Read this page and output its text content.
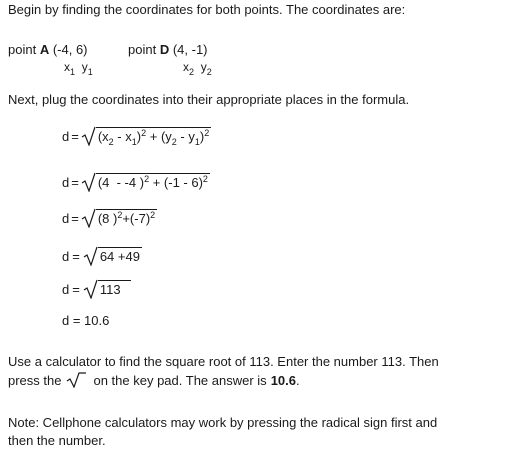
Begin by finding the coordinates for both points. The coordinates are:
point A (-4, 6)
$x_1$ $y_1$
point D (4, -1)
$x_2$ $y_2$
Next, plug the coordinates into their appropriate places in the formula.
$d = (x_2 - x_1)^2 + (y_2 - y_1)^2$
d = (4  - -4 )$^2$ + (-1 - 6)$^2$
d = (8 )$^2+(-7)^2$
d = 64 +49
d = 113
d = 10.6
Use a calculator to find the square root of 113. Enter the number 113. Then
press the on the key pad. The answer is 10.6 .
Note: Cellphone calculators may work by pressing the radical sign first and
then the number.
